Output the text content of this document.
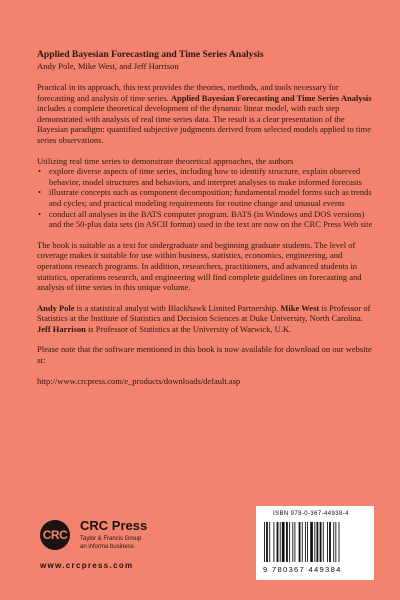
Applied Bayesian Forecasting and Time Series Analysis

Andy Pole, Mike West, and Jeff Harrison

Practical in its approach, this text provides the theories, methods, and tools necessary for forecasting and analysis of time series. Applied Bayesian Forecasting and Time Series Analysis includes a complete theoretical development of the dynamic linear model, with each step demonstrated with analysis of real time series data. The result is a clear presentation of the Bayesian paradigm: quantified subjective judgments derived from selected models applied to time series observations.

Utilizing real time series to demonstrate theoretical approaches, the authors

• explore diverse aspects of time series, including how to identify structure, explain observed behavior, model structures and behaviors, and interpret analyses to make informed forecasts
• illustrate concepts such as component decomposition; fundamental model forms such as trends and cycles; and practical modeling requirements for routine change and unusual events
• conduct all analyses in the BATS computer program. BATS (in Windows and DOS versions) and the 50-plus data sets (in ASCII format) used in the text are now on the CRC Press Web site

The book is suitable as a text for undergraduate and beginning graduate students. The level of coverage makes it suitable for use within business, statistics, economics, engineering, and operations research programs. In addition, researchers, practitioners, and advanced students in statistics, operations research, and engineering will find complete guidelines on forecasting and analysis of time series in this unique volume.

Andy Pole is a statistical analyst with Blackhawk Limited Partnership. Mike West is Professor of Statistics at the Institute of Statistics and Decision Sciences at Duke University, North Carolina. Jeff Harrison is Professor of Statistics at the University of Warwick, U.K.

Please note that the software mentioned in this book is now available for download on our website at:

http://www.crcpress.com/e_products/downloads/default.asp
CRC
CRC Press
Taylor & Francis Group
an informa business
www.crcpress.com
ISBN 978-0-367-44938-4
9 780367 449384
